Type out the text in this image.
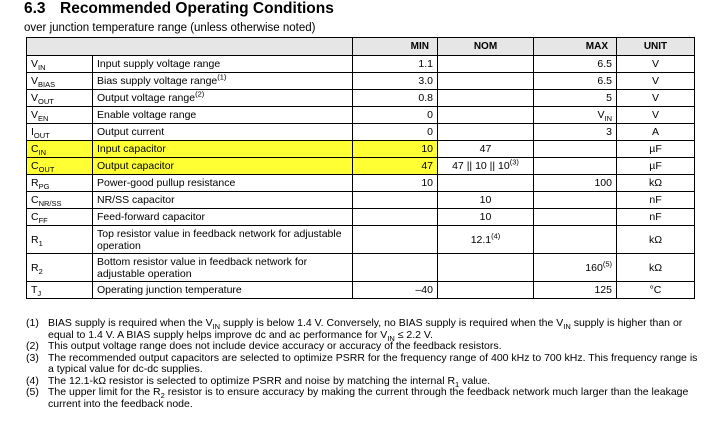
6.3 Recommended Operating Conditions
over junction temperature range (unless otherwise noted)
		MIN	NOM	MAX	UNIT
$V_{IN}$	Input supply voltage range	1.1		6.5	V
$V_{BIAS}$	Bias supply voltage range$^{(1)}$	3.0		6.5	V
$V_{OUT}$	Output voltage range$^{(2)}$	0.8		5	V
$V_{EN}$	Enable voltage range	0		$V_{IN}$	V
$I_{OUT}$	Output current	0		3	A
$C_{IN}$	Input capacitor	10	47		µF
$C_{OUT}$	Output capacitor	47	47 || 10 || 10$^{(3)}$		µF
$R_{PG}$	Power-good pullup resistance	10		100	kΩ
$C_{NR/SS}$	NR/SS capacitor		10		nF
$C_{FF}$	Feed-forward capacitor		10		nF
$R_1$	Top resistor value in feedback network for adjustable operation		12.1$^{(4)}$		kΩ
$R_2$	Bottom resistor value in feedback network for adjustable operation			160$^{(5)}$	kΩ
$T_J$	Operating junction temperature	–40		125	°C
(1) BIAS supply is required when the $V_{IN}$ supply is below 1.4 V. Conversely, no BIAS supply is required when the $V_{IN}$ supply is higher than or equal to 1.4 V. A BIAS supply helps improve dc and ac performance for $V_{IN} \le 2.2$ V.
(2) This output voltage range does not include device accuracy or accuracy of the feedback resistors.
(3) The recommended output capacitors are selected to optimize PSRR for the frequency range of 400 kHz to 700 kHz. This frequency range is a typical value for dc-dc supplies.
(4) The 12.1-kΩ resistor is selected to optimize PSRR and noise by matching the internal $R_1$ value.
(5) The upper limit for the $R_2$ resistor is to ensure accuracy by making the current through the feedback network much larger than the leakage current into the feedback node.
